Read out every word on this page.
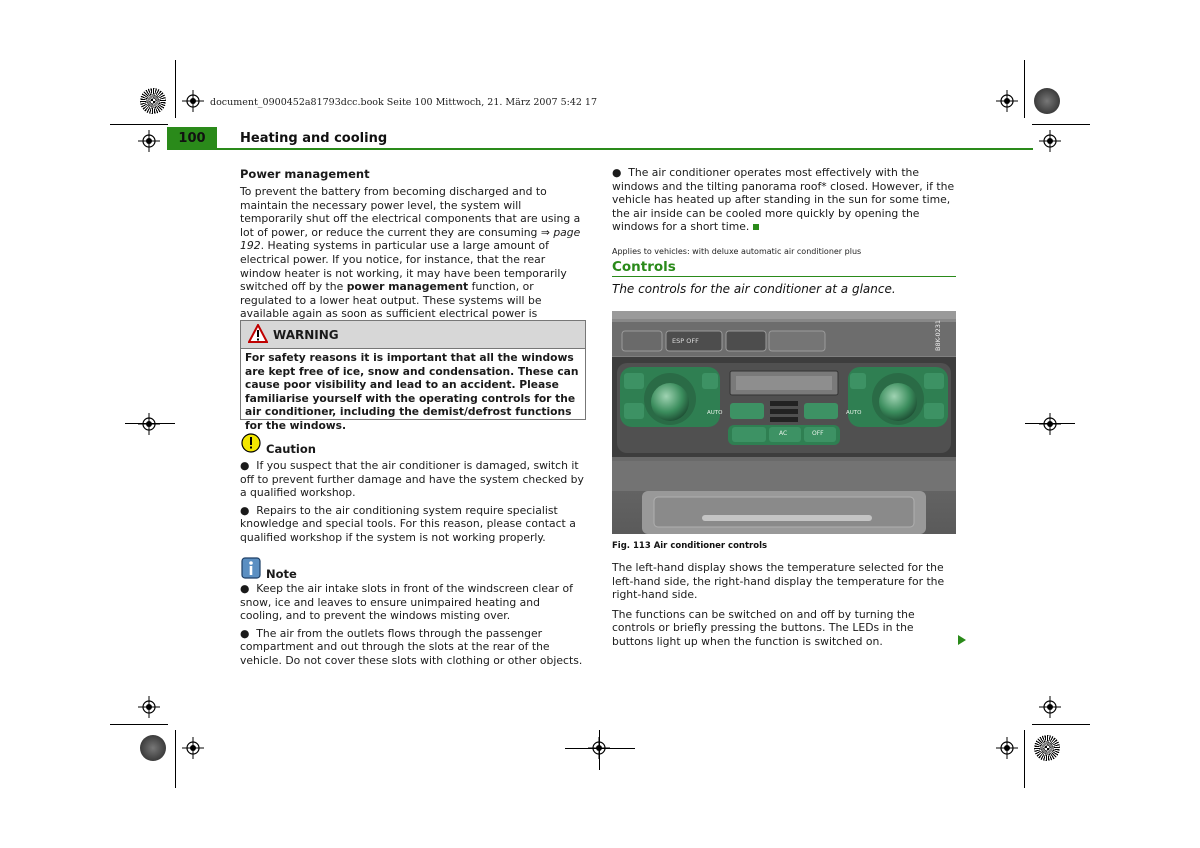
document_0900452a81793dcc.book Seite 100 Mittwoch, 21. März 2007 5:42 17
100	Heating and cooling
Power management

To prevent the battery from becoming discharged and to maintain the necessary power level, the system will temporarily shut off the electrical components that are using a lot of power, or reduce the current they are consuming ⇒ page 192. Heating systems in particular use a large amount of electrical power. If you notice, for instance, that the rear window heater is not working, it may have been temporarily switched off by the power management function, or regulated to a lower heat output. These systems will be available again as soon as sufficient electrical power is

WARNING
For safety reasons it is important that all the windows are kept free of ice, snow and condensation. These can cause poor visibility and lead to an accident. Please familiarise yourself with the operating controls for the air conditioner, including the demist/defrost functions for the windows.
Caution

●  If you suspect that the air conditioner is damaged, switch it off to prevent further damage and have the system checked by a qualified workshop.

●  Repairs to the air conditioning system require specialist knowledge and special tools. For this reason, please contact a qualified workshop if the system is not working properly.

Note

●  Keep the air intake slots in front of the windscreen clear of snow, ice and leaves to ensure unimpaired heating and cooling, and to prevent the windows misting over.

●  The air from the outlets flows through the passenger compartment and out through the slots at the rear of the vehicle. Do not cover these slots with clothing or other objects.

●  The air conditioner operates most effectively with the windows and the tilting panorama roof* closed. However, if the vehicle has heated up after standing in the sun for some time, the air inside can be cooled more quickly by opening the windows for a short time.

Applies to vehicles: with deluxe automatic air conditioner plus
Controls
The controls for the air conditioner at a glance.
B8K-0231
ESP OFF
AUTO	AUTO
AC	OFF
Fig. 113 Air conditioner controls

The left-hand display shows the temperature selected for the left-hand side, the right-hand display the temperature for the right-hand side.

The functions can be switched on and off by turning the controls or briefly pressing the buttons. The LEDs in the buttons light up when the function is switched on.
